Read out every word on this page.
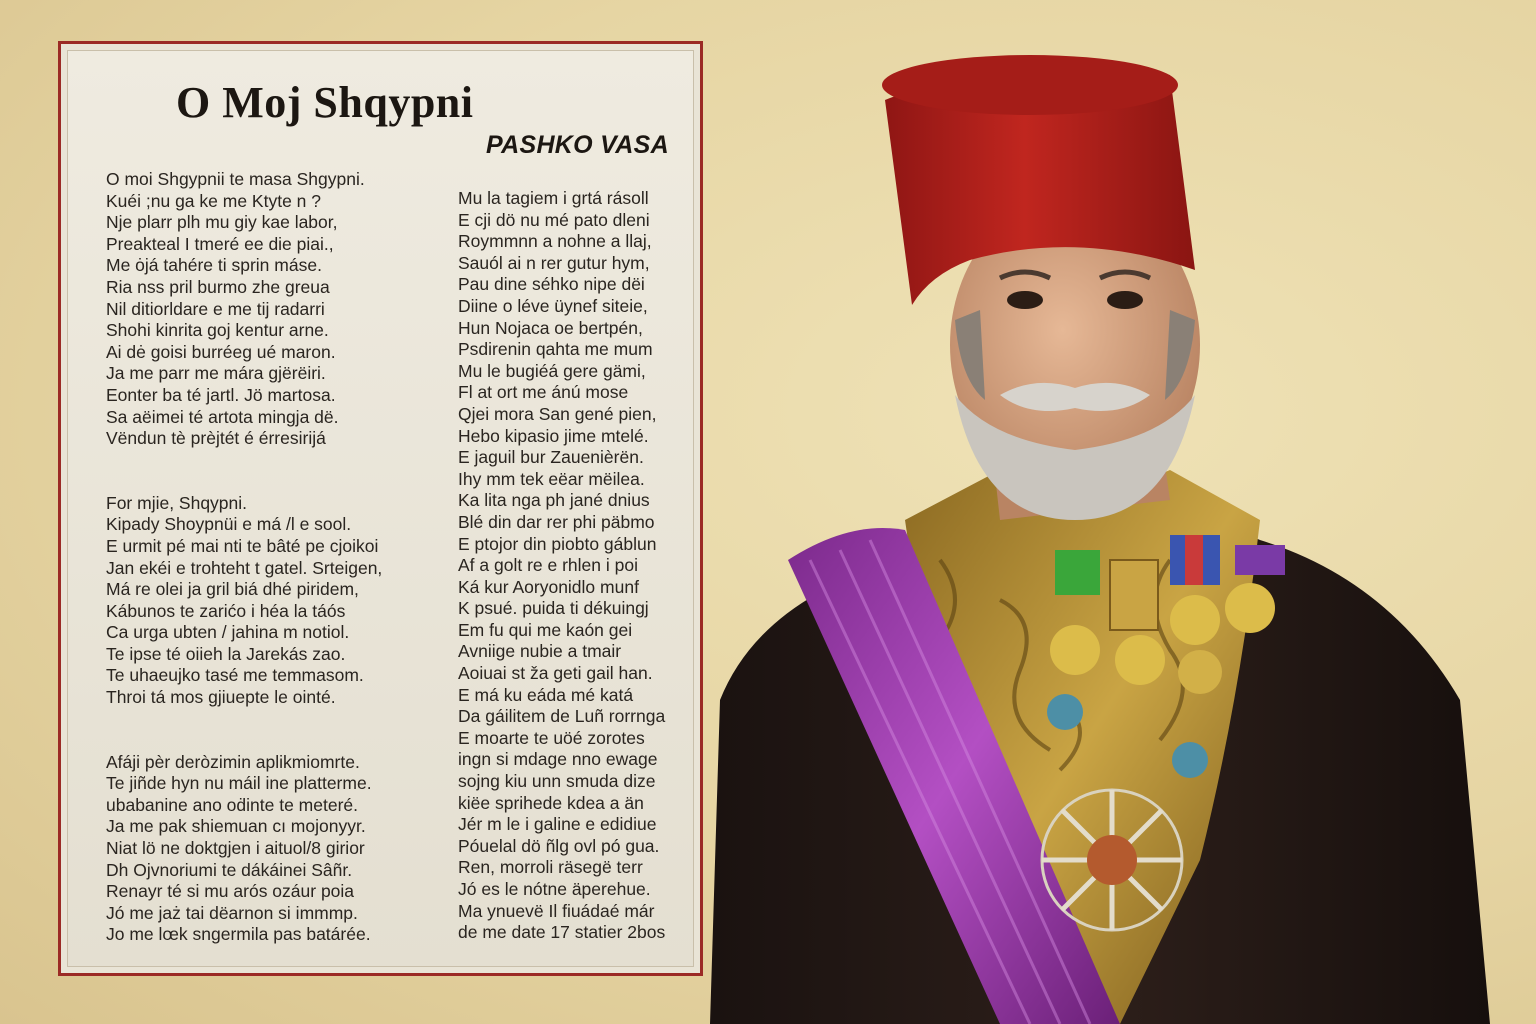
O Moj Shqypni
PASHKO VASA
O moi Shgypnii te masa Shgypni.
Kuéi ;nu ga ke me Ktyte n ?
Nje plarr plh mu giy kae labor,
Preakteal I tmeré ee die piai.,
Me ȯjá tahére ti sprin máse.
Ria nss pril burmo zhe greua
Nil ditiorldare e me tij radarri
Shohi kinrita goj kentur arne.
Ai dė goisi burréeg ué maron.
Ja me parr me mára gjërëiri.
Eonter ba té jartl. Jö martosa.
Sa aëimei té artota mingja dë.
Vëndun tè prèjtét é érresirijá
For mjie, Shqypni.
Kipady Shoypnüi e má /l e sool.
E urmit pé mai nti te bâté pe cjoikoi
Jan ekéi e trohteht t gatel. Srteigen,
Má re olei ja gril biá dhé piridem,
Kábunos te zarićo i héa la táós
Ca urga ubten / jahina m notiol.
Te ipse té oiieh la Jarekás zao.
Te uhaeujko tasé me temmasom.
Throi tá mos gjiuepte le ointé.
Afáji pèr deròzimin aplikmiomrte.
Te jiñde hyn nu máil ine platterme.
ubabanine ano oḋinte te meteré.
Ja me pak shiemuan cı mojonyyr.
Niat lö ne doktgjen i aituol/8 girior
Dh Ojvnoriumi te dákáinei Sâñr.
Renayr té si mu arós ozáur poia
Jó me jaż tai dëarnon si immmp.
Jo me lœk sngermila pas batárée.
Mu la tagiem i grtá rásoll
E cji dö nu mé pato dleni
Roymmnn a nohne a llaj,
Sauól ai n rer gutur hym,
Pau dine séhko nipe dëi
Diine o léve üynef siteie,
Hun Nojaca oe bertpén,
Psdirenin qahta me mum
Mu le bugiéá gere gämi,
Fl at ort me ánú mose
Qjei mora San gené pien,
Hebo kipasio jime mtelé.
E jaguil bur Zauenièrën.
Ihy mm tek eëar mëilea.
Ka lita nga ph jané dnius
Blé din dar rer phi päbmo
E ptojor din piobto gáblun
Af a golt re e rhlen i poi
Ká kur Aoryonidlo munf
K psué. puida ti dékuingj
Em fu qui me kaón gei
Avniige nubie a tmair
Aoiuai st ža geti gail han.
E má ku eáda mé katá
Da gáilitem de Luñ rorrnga
E moarte te uöé zorotes
ingn si mdage nno ewage
sojng kiu unn smuda dize
kiëe sprihede kdea a än
Jér m le i galine e edidiue
Póuelal dö ñlg ovl pó gua.
Ren, morroli räsegë terr
Jó es le nótne äperehue.
Ma ynuevë Il fiuádaé már
de me date 17 statier 2bos
